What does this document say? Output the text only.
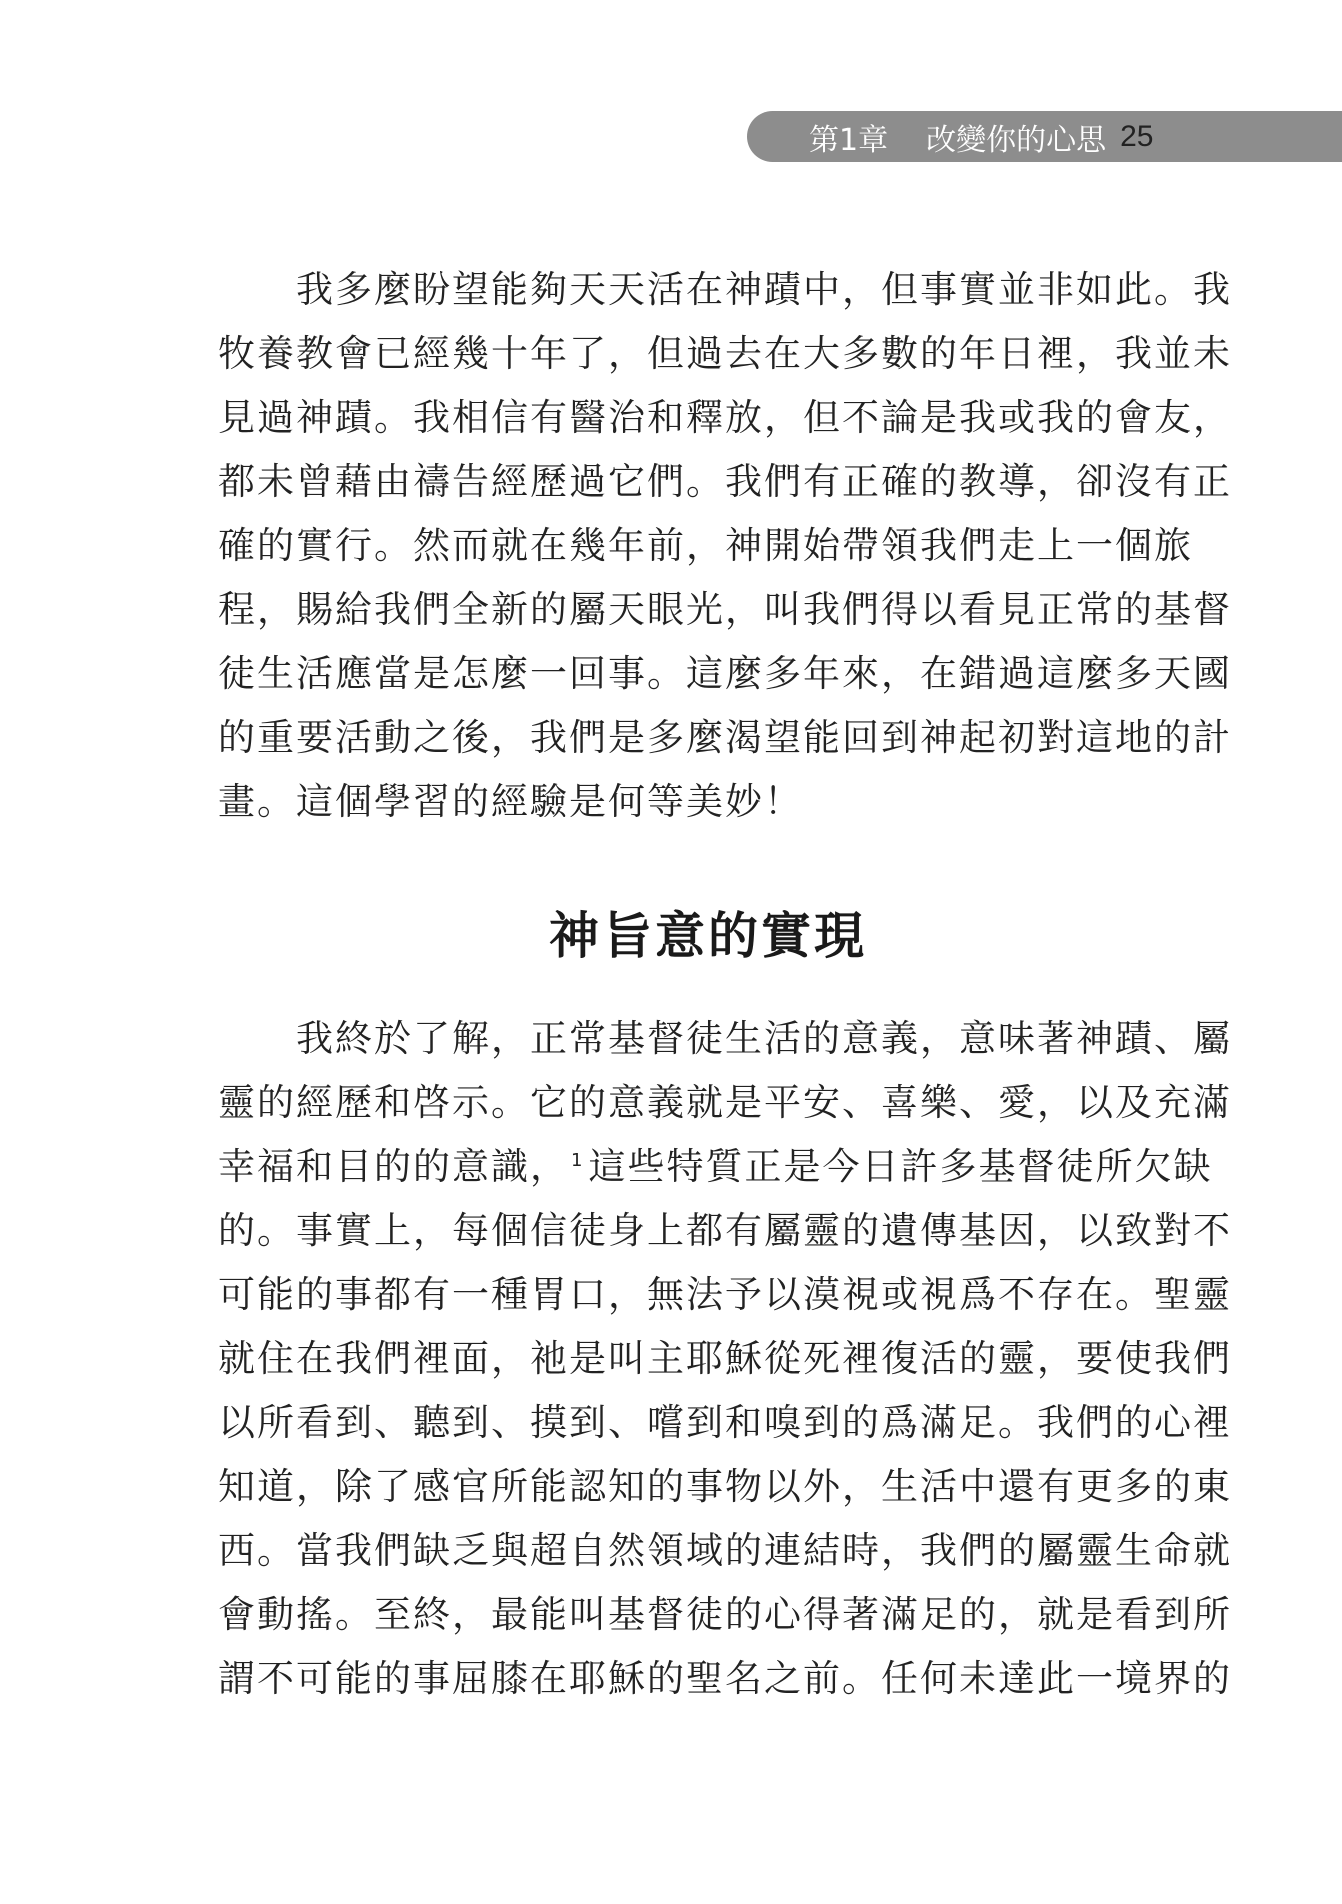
第1章 改變你的心思 25
我多麼盼望能夠天天活在神蹟中，但事實並非如此。我
牧養教會已經幾十年了，但過去在大多數的年日裡，我並未
見過神蹟。我相信有醫治和釋放，但不論是我或我的會友，
都未曾藉由禱告經歷過它們。我們有正確的教導，卻沒有正
確的實行。然而就在幾年前，神開始帶領我們走上一個旅
程，賜給我們全新的屬天眼光，叫我們得以看見正常的基督
徒生活應當是怎麼一回事。這麼多年來，在錯過這麼多天國
的重要活動之後，我們是多麼渴望能回到神起初對這地的計
畫。這個學習的經驗是何等美妙！
神旨意的實現
我終於了解，正常基督徒生活的意義，意味著神蹟、屬
靈的經歷和啓示。它的意義就是平安、喜樂、愛，以及充滿
幸福和目的的意識， $^1$ 這些特質正是今日許多基督徒所欠缺
的。事實上，每個信徒身上都有屬靈的遺傳基因，以致對不
可能的事都有一種胃口，無法予以漠視或視爲不存在。聖靈
就住在我們裡面，祂是叫主耶穌從死裡復活的靈，要使我們
以所看到、聽到、摸到、嚐到和嗅到的爲滿足。我們的心裡
知道，除了感官所能認知的事物以外，生活中還有更多的東
西。當我們缺乏與超自然領域的連結時，我們的屬靈生命就
會動搖。至終，最能叫基督徒的心得著滿足的，就是看到所
謂不可能的事屈膝在耶穌的聖名之前。任何未達此一境界的
